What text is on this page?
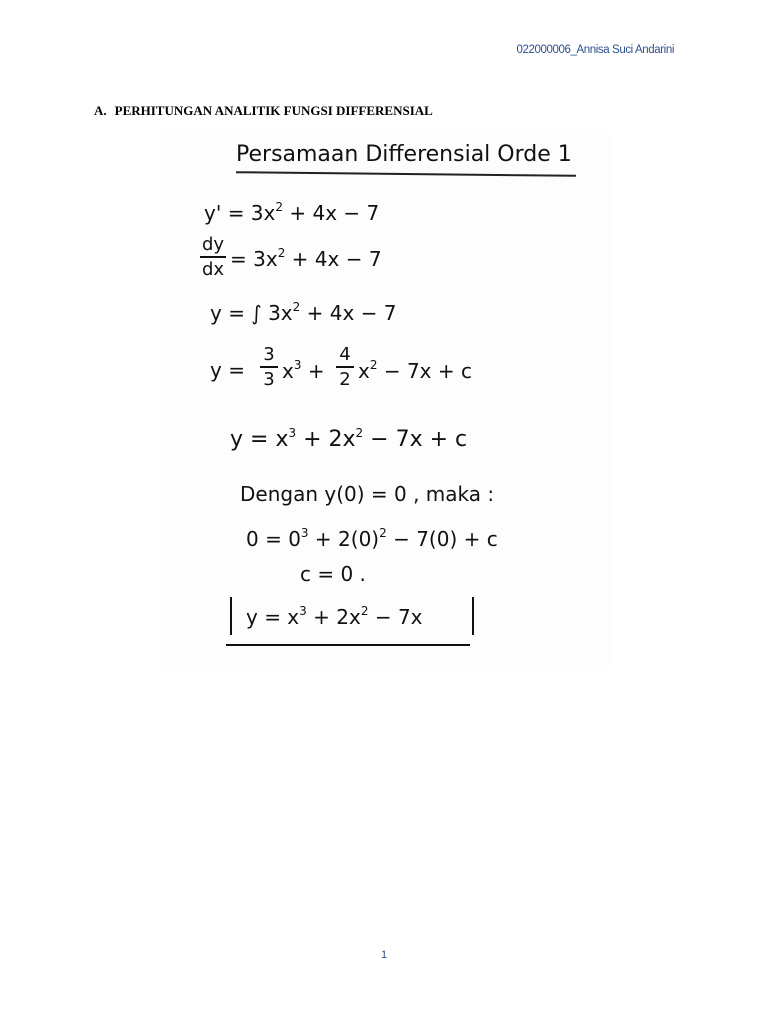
022000006_Annisa Suci Andarini
A. PERHITUNGAN ANALITIK FUNGSI DIFFERENSIAL
Persamaan Differensial Orde 1
$y' = 3x^2 + 4x - 7$
dy
dx = $3x^2 + 4x - 7$
y = ∫ $3x^2 + 4x - 7$
y =
3
3 $x^3$ +
4
2 $x^2 - 7x + c$
$y = x^3 + 2x^2 - 7x + c$
Dengan y(0) = 0 , maka :
$0 = 0^3 + 2(0)^2 - 7(0) + c$
c = 0 .
$y = x^3 + 2x^2 - 7x$
1
